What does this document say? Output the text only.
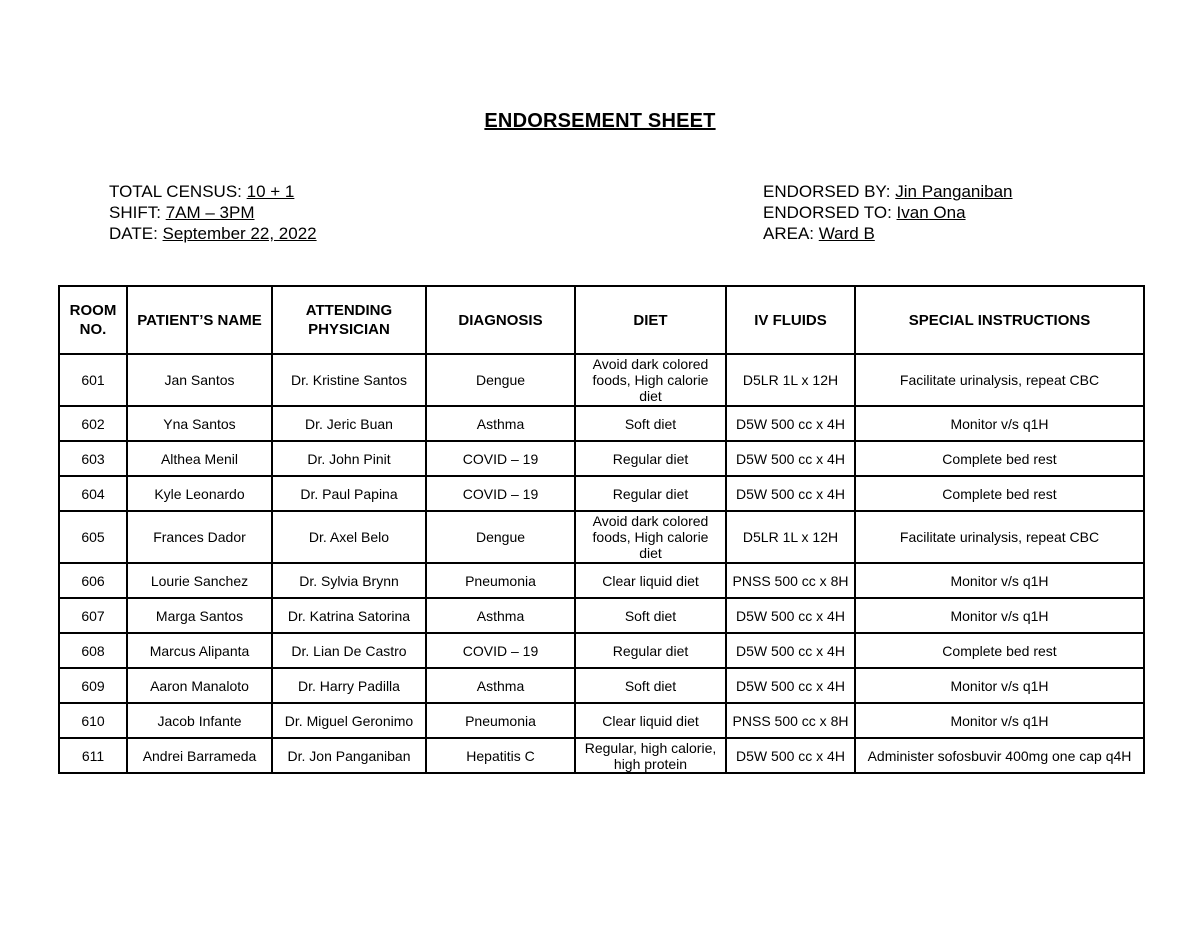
ENDORSEMENT SHEET
TOTAL CENSUS: 10 + 1
SHIFT: 7AM – 3PM
DATE: September 22, 2022
ENDORSED BY: Jin Panganiban
ENDORSED TO: Ivan Ona
AREA: Ward B
ROOM NO.	PATIENT’S NAME	ATTENDING PHYSICIAN	DIAGNOSIS	DIET	IV FLUIDS	SPECIAL INSTRUCTIONS
601	Jan Santos	Dr. Kristine Santos	Dengue	Avoid dark colored foods, High calorie diet	D5LR 1L x 12H	Facilitate urinalysis, repeat CBC
602	Yna Santos	Dr. Jeric Buan	Asthma	Soft diet	D5W 500 cc x 4H	Monitor v/s q1H
603	Althea Menil	Dr. John Pinit	COVID – 19	Regular diet	D5W 500 cc x 4H	Complete bed rest
604	Kyle Leonardo	Dr. Paul Papina	COVID – 19	Regular diet	D5W 500 cc x 4H	Complete bed rest
605	Frances Dador	Dr. Axel Belo	Dengue	Avoid dark colored foods, High calorie diet	D5LR 1L x 12H	Facilitate urinalysis, repeat CBC
606	Lourie Sanchez	Dr. Sylvia Brynn	Pneumonia	Clear liquid diet	PNSS 500 cc x 8H	Monitor v/s q1H
607	Marga Santos	Dr. Katrina Satorina	Asthma	Soft diet	D5W 500 cc x 4H	Monitor v/s q1H
608	Marcus Alipanta	Dr. Lian De Castro	COVID – 19	Regular diet	D5W 500 cc x 4H	Complete bed rest
609	Aaron Manaloto	Dr. Harry Padilla	Asthma	Soft diet	D5W 500 cc x 4H	Monitor v/s q1H
610	Jacob Infante	Dr. Miguel Geronimo	Pneumonia	Clear liquid diet	PNSS 500 cc x 8H	Monitor v/s q1H
611	Andrei Barrameda	Dr. Jon Panganiban	Hepatitis C	Regular, high calorie, high protein	D5W 500 cc x 4H	Administer sofosbuvir 400mg one cap q4H
